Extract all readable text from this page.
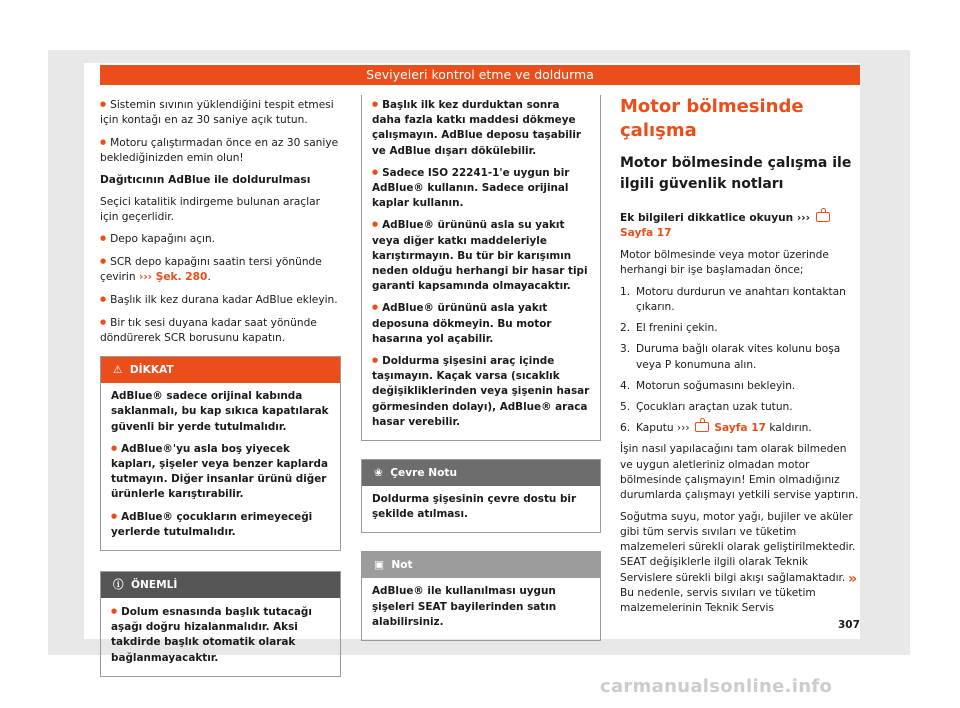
Seviyeleri kontrol etme ve doldurma

● Sistemin sıvının yüklendiğini tespit etmesi için kontağı en az 30 saniye açık tutun.

● Motoru çalıştırmadan önce en az 30 saniye beklediğinizden emin olun!

Dağıtıcının AdBlue ile doldurulması

Seçici katalitik indirgeme bulunan araçlar için geçerlidir.

● Depo kapağını açın.

● SCR depo kapağını saatin tersi yönünde çevirin ››› Şek. 280.

● Başlık ilk kez durana kadar AdBlue ekleyin.

● Bir tık sesi duyana kadar saat yönünde döndürerek SCR borusunu kapatın.

⚠ DİKKAT

AdBlue® sadece orijinal kabında saklanmalı, bu kap sıkıca kapatılarak güvenli bir yerde tutulmalıdır.

● AdBlue®'yu asla boş yiyecek kapları, şişeler veya benzer kaplarda tutmayın. Diğer insanlar ürünü diğer ürünlerle karıştırabilir.

● AdBlue® çocukların erimeyeceği yerlerde tutulmalıdır.

ⓘ ÖNEMLİ

● Dolum esnasında başlık tutacağı aşağı doğru hizalanmalıdır. Aksi takdirde başlık otomatik olarak bağlanmayacaktır.

● Başlık ilk kez durduktan sonra daha fazla katkı maddesi dökmeye çalışmayın. AdBlue deposu taşabilir ve AdBlue dışarı dökülebilir.

● Sadece ISO 22241-1'e uygun bir AdBlue® kullanın. Sadece orijinal kaplar kullanın.

● AdBlue® ürününü asla su yakıt veya diğer katkı maddeleriyle karıştırmayın. Bu tür bir karışımın neden olduğu herhangi bir hasar tipi garanti kapsamında olmayacaktır.

● AdBlue® ürününü asla yakıt deposuna dökmeyin. Bu motor hasarına yol açabilir.

● Doldurma şişesini araç içinde taşımayın. Kaçak varsa (sıcaklık değişikliklerinden veya şişenin hasar görmesinden dolayı), AdBlue® araca hasar verebilir.

❀ Çevre Notu

Doldurma şişesinin çevre dostu bir şekilde atılması.

▣ Not

AdBlue® ile kullanılması uygun şişeleri SEAT bayilerinden satın alabilirsiniz.

Motor bölmesinde çalışma
Motor bölmesinde çalışma ile ilgili güvenlik notları

Ek bilgileri dikkatlice okuyun ›››  Sayfa 17

Motor bölmesinde veya motor üzerinde herhangi bir işe başlamadan önce;

1. Motoru durdurun ve anahtarı kontaktan çıkarın.
2. El frenini çekin.
3. Duruma bağlı olarak vites kolunu boşa veya P konumuna alın.
4. Motorun soğumasını bekleyin.
5. Çocukları araçtan uzak tutun.
6. Kaputu ›››  Sayfa 17 kaldırın.

İşin nasıl yapılacağını tam olarak bilmeden ve uygun aletleriniz olmadan motor bölmesinde çalışmayın! Emin olmadığınız durumlarda çalışmayı yetkili servise yaptırın.

Soğutma suyu, motor yağı, bujiler ve aküler gibi tüm servis sıvıları ve tüketim malzemeleri sürekli olarak geliştirilmektedir. SEAT değişiklerle ilgili olarak Teknik Servislere sürekli bilgi akışı sağlamaktadır. Bu nedenle, servis sıvıları ve tüketim malzemelerinin Teknik Servis

»
307
carmanualsonline.info
